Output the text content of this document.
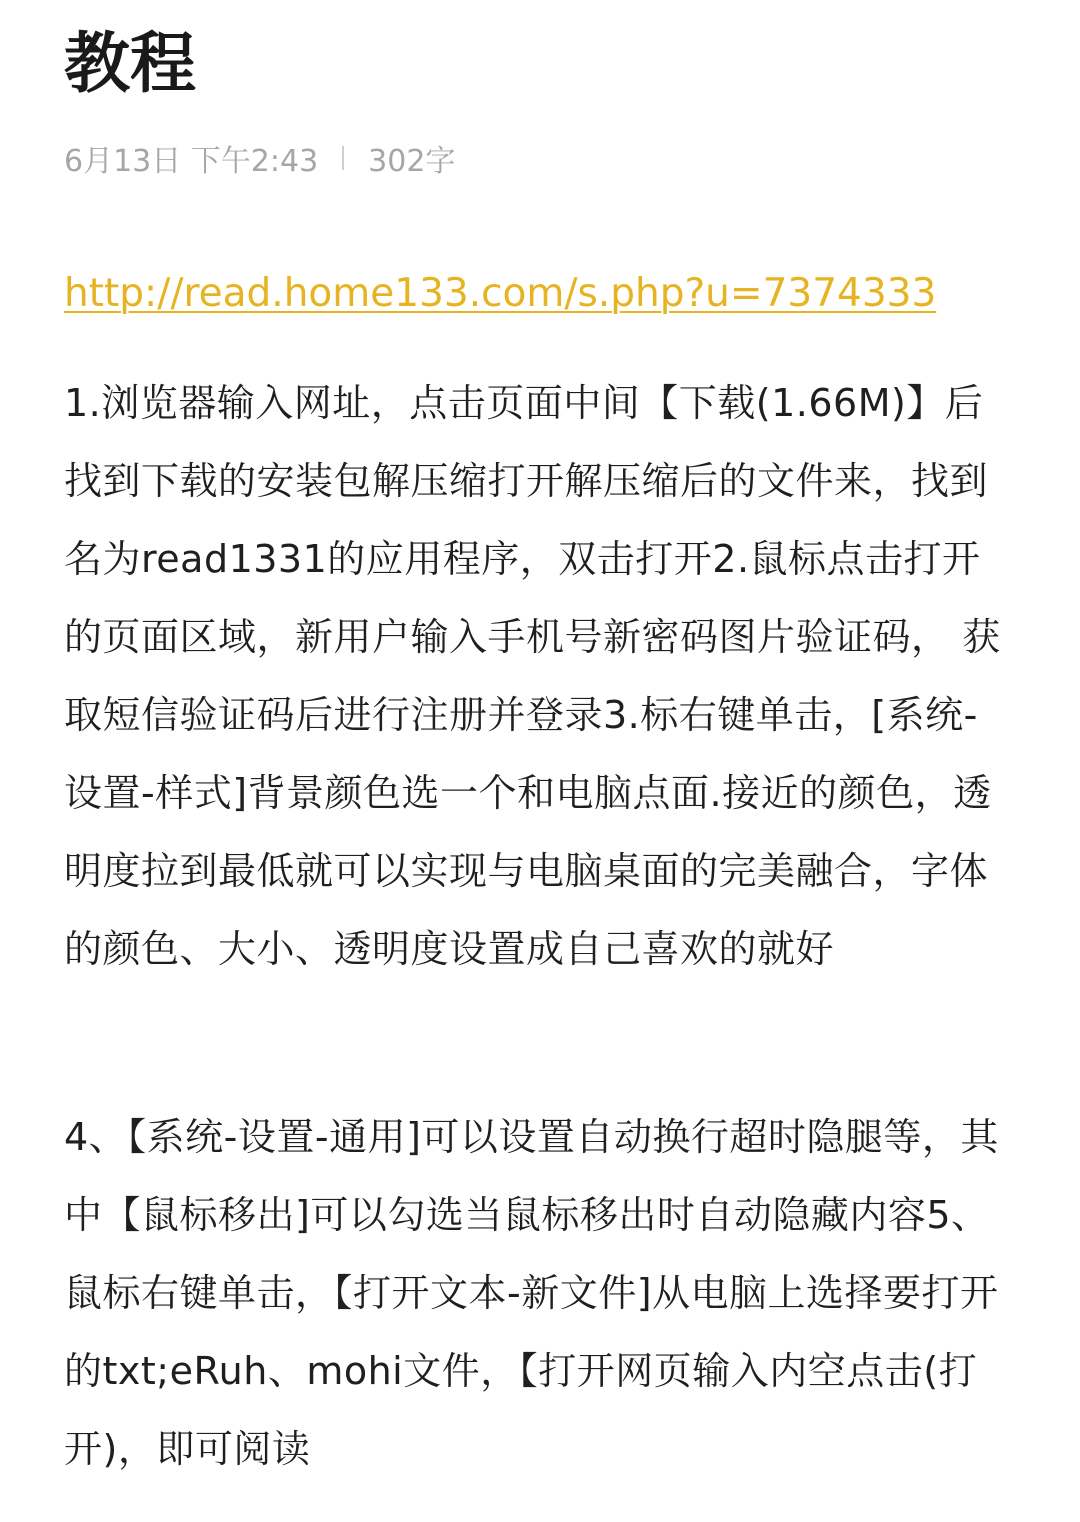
教程
6月13日 下午2:43 302字
http://read.home133.com/s.php?u=7374333

1.浏览器输入网址，点击页面中间【下载(1.66M)】后找到下载的安装包解压缩打开解压缩后的文件来，找到名为read1331的应用程序，双击打开2.鼠标点击打开的页面区域，新用户输入手机号新密码图片验证码， 获取短信验证码后进行注册并登录3.标右键单击，[系统-设置-样式]背景颜色选一个和电脑点面.接近的颜色，透明度拉到最低就可以实现与电脑桌面的完美融合，字体的颜色、大小、透明度设置成自己喜欢的就好

4、【系统-设置-通用]可以设置自动换行超时隐腿等，其中【鼠标移出]可以勾选当鼠标移出时自动隐藏内容5、鼠标右键单击，【打开文本-新文件]从电脑上选择要打开的txt;eRuh、mohi文件，【打开网页输入内空点击(打开)，即可阅读
